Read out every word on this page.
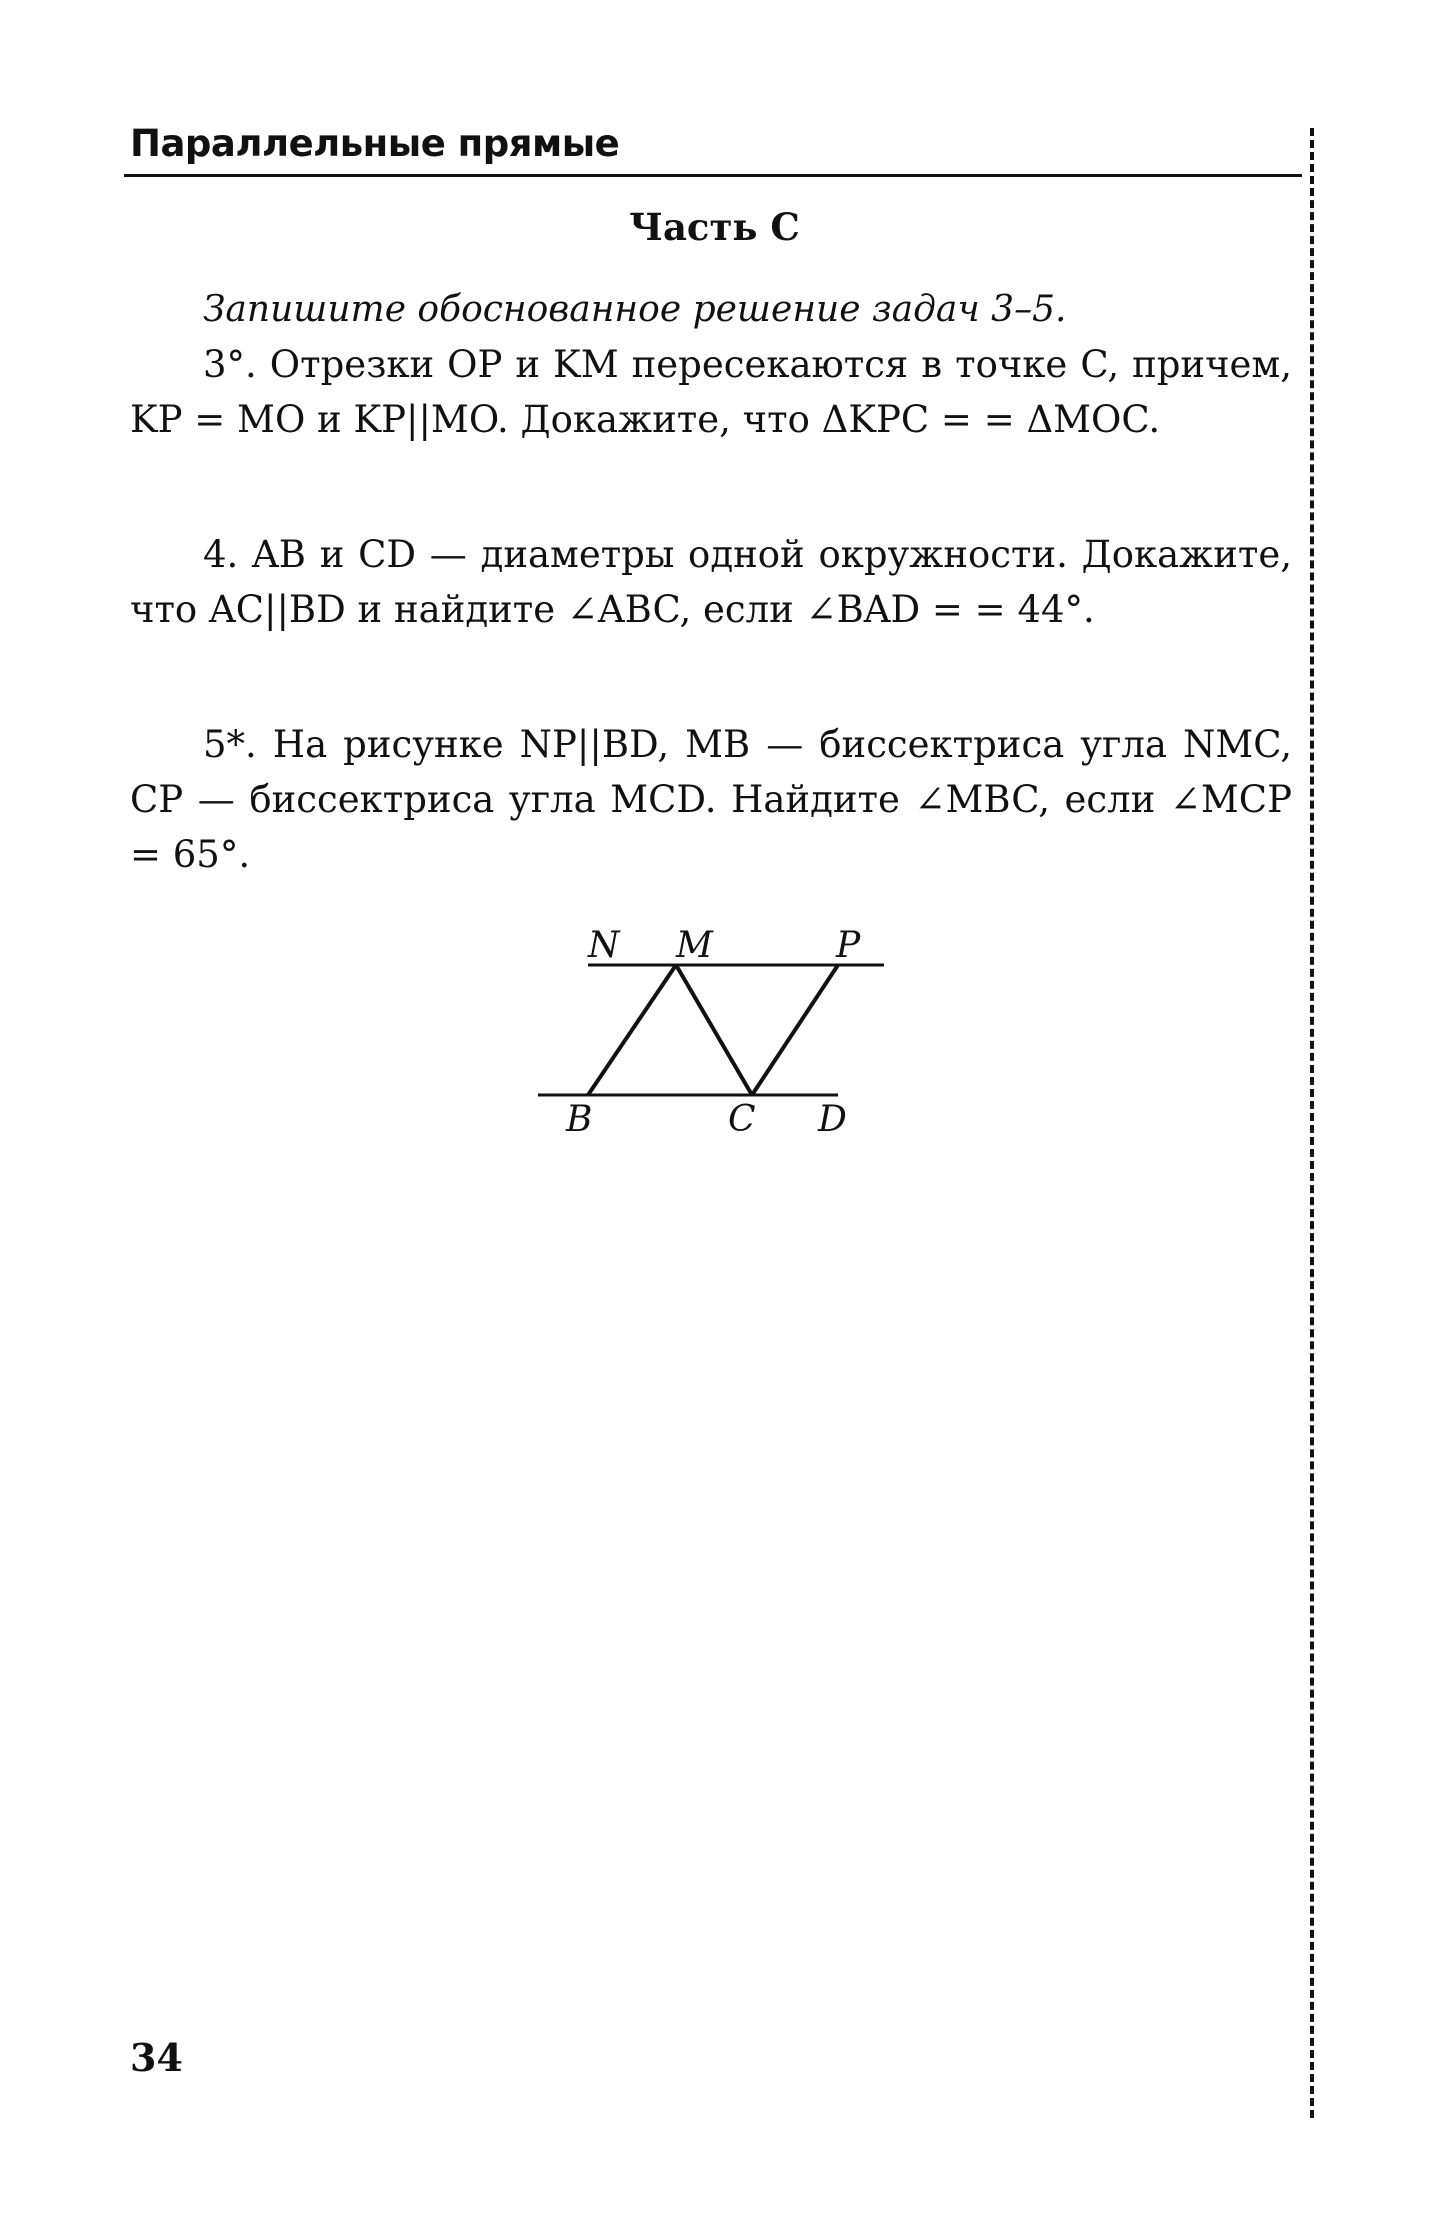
Параллельные прямые
Часть C
Запишите обоснованное решение задач 3–5.
3°. Отрезки OP и KM пересекаются в точке C, причем, KP = MO и KP||MO. Докажите, что ΔKPC = = ΔMOC.
4. AB и CD — диаметры одной окружности. Докажите, что AC||BD и найдите ∠ABC, если ∠BAD = = 44°.
5*. На рисунке NP||BD, MB — биссектриса угла NMC, CP — биссектриса угла MCD. Найдите ∠MBC, если ∠MCP = 65°.
N M	P
B	C D
34
